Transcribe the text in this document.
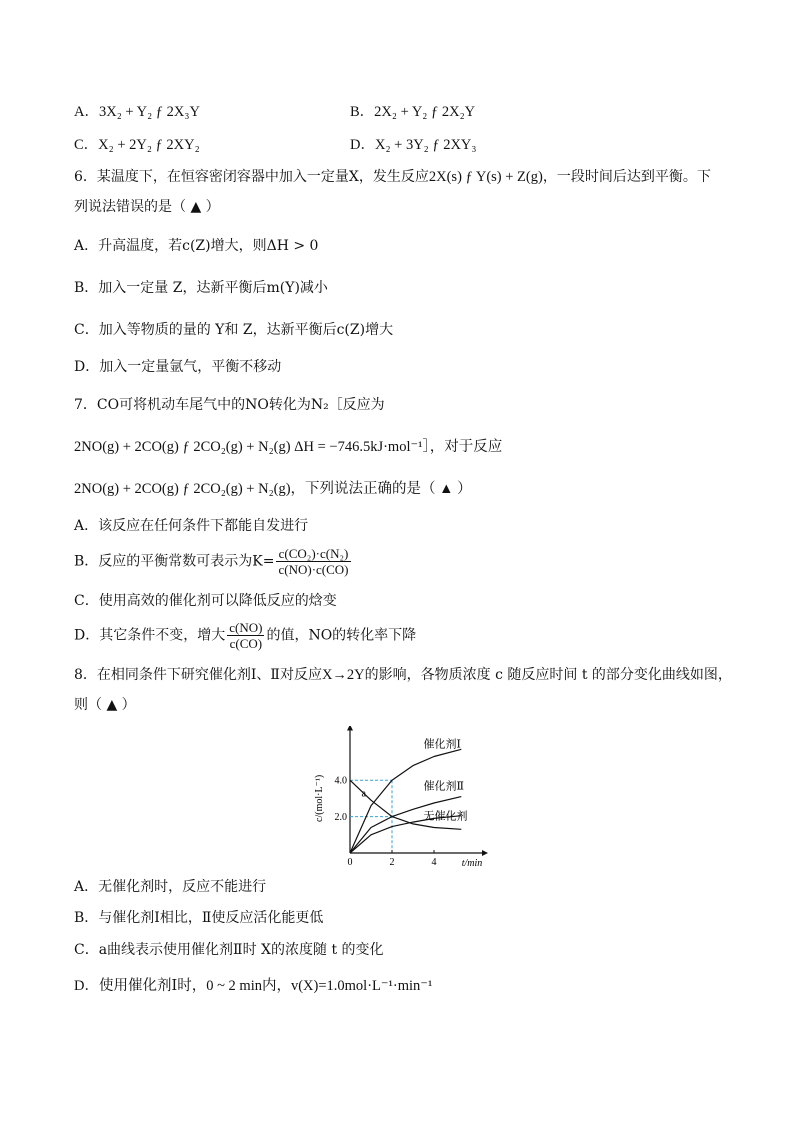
A．3X₂ + Y₂ ƒ 2X₃Y	B．2X₂ + Y₂ ƒ 2X₂Y
C．X₂ + 2Y₂ ƒ 2XY₂	D．X₂ + 3Y₂ ƒ 2XY₃
6．某温度下，在恒容密闭容器中加入一定量X，发生反应2X(s) ƒ Y(s) + Z(g)，一段时间后达到平衡。下
列说法错误的是（ ▲ ）
A．升高温度，若c(Z)增大，则ΔH > 0
B．加入一定量 Z，达新平衡后m(Y)减小
C．加入等物质的量的 Y和 Z，达新平衡后c(Z)增大
D．加入一定量氩气，平衡不移动
7．CO可将机动车尾气中的NO转化为N₂［反应为
2NO(g) + 2CO(g) ƒ 2CO₂(g) + N₂(g) ΔH = −746.5kJ·mol⁻¹］，对于反应
2NO(g) + 2CO(g) ƒ 2CO₂(g) + N₂(g)，下列说法正确的是（ ▲ ）
A．该反应在任何条件下都能自发进行
B．反应的平衡常数可表示为$K= \frac{\text{c(CO₂)·c(N₂)}}{c(NO)\cdot c(CO)}$
C．使用高效的催化剂可以降低反应的焓变
D．其它条件不变，增大 $\frac{c(NO)}{c(CO)}$ 的值，NO的转化率下降
8．在相同条件下研究催化剂Ⅰ、Ⅱ对反应X→2Y的影响，各物质浓度 c 随反应时间 t 的部分变化曲线如图，
则（ ▲ ）
0	2	4
2.0
4.0
t/min
c/(mol·L⁻¹)
催化剂Ⅰ
催化剂Ⅱ
无催化剂
a
A．无催化剂时，反应不能进行
B．与催化剂Ⅰ相比，Ⅱ使反应活化能更低
C．a曲线表示使用催化剂Ⅱ时 X的浓度随 t 的变化
D．使用催化剂Ⅰ时，0 ~ 2 min内，v(X)=1.0mol·L⁻¹·min⁻¹
